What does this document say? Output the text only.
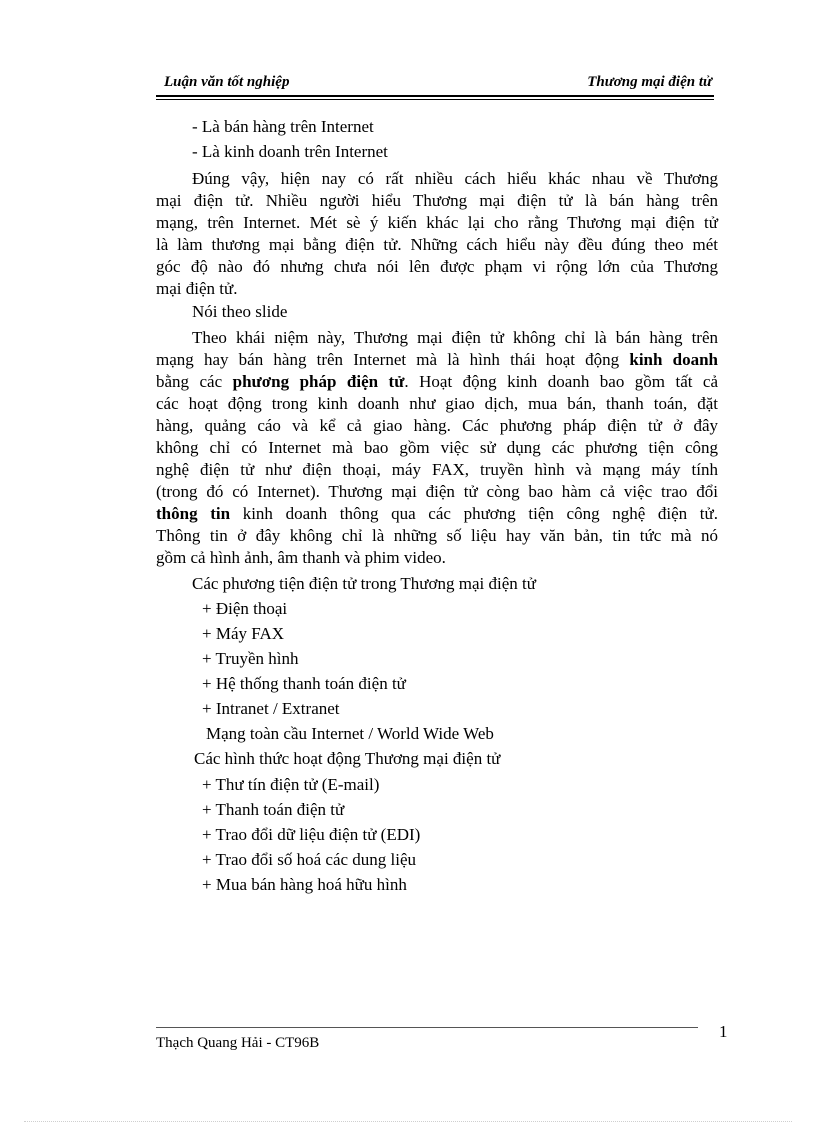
Luận văn tốt nghiệp	Thương mại điện tử
- Là bán hàng trên Internet
- Là kinh doanh trên Internet
Đúng vậy, hiện nay có rất nhiều cách hiểu khác nhau về Thương
mại điện tử. Nhiều người hiểu Thương mại điện tử là bán hàng trên
mạng, trên Internet. Mét sè ý kiến khác lại cho rằng Thương mại điện tử
là làm thương mại bằng điện tử. Những cách hiểu này đều đúng theo mét
góc độ nào đó nhưng chưa nói lên được phạm vi rộng lớn của Thương
mại điện tử.
Nói theo slide
Theo khái niệm này, Thương mại điện tử không chỉ là bán hàng trên
mạng hay bán hàng trên Internet mà là hình thái hoạt động kinh doanh
bằng các phương pháp điện tử. Hoạt động kinh doanh bao gồm tất cả
các hoạt động trong kinh doanh như giao dịch, mua bán, thanh toán, đặt
hàng, quảng cáo và kể cả giao hàng. Các phương pháp điện tử ở đây
không chỉ có Internet mà bao gồm việc sử dụng các phương tiện công
nghệ điện tử như điện thoại, máy FAX, truyền hình và mạng máy tính
(trong đó có Internet). Thương mại điện tử còng bao hàm cả việc trao đổi
thông tin kinh doanh thông qua các phương tiện công nghệ điện tử.
Thông tin ở đây không chỉ là những số liệu hay văn bản, tin tức mà nó
gồm cả hình ảnh, âm thanh và phim video.
Các phương tiện điện tử trong Thương mại điện tử
+ Điện thoại
+ Máy FAX
+ Truyền hình
+ Hệ thống thanh toán điện tử
+ Intranet / Extranet
Mạng toàn cầu Internet / World Wide Web
Các hình thức hoạt động Thương mại điện tử
+ Thư tín điện tử (E-mail)
+ Thanh toán điện tử
+ Trao đổi dữ liệu điện tử (EDI)
+ Trao đổi số hoá các dung liệu
+ Mua bán hàng hoá hữu hình
1
Thạch Quang Hải - CT96B
